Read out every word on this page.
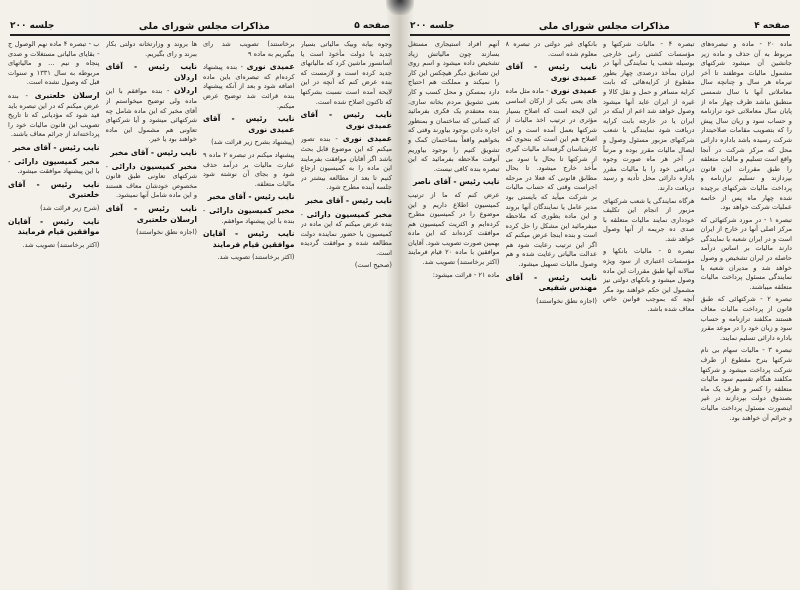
صفحه ۴
مذاکرات مجلس شورای ملی
جلسه ۲۰۰

ماده ۲۰ - ماده و تبصره‌های مربوط به آن حذف و ماده زیر جانشین آن میشود شرکتهای مشمول مالیات موظفند تا آخر تیرماه هر سال و چنانچه سال معاملاتی آنها با سال شمسی منطبق نباشد ظرف چهار ماه از پایان سال معاملاتی خود ترازنامه و حساب سود و زیان سال پیش را که بتصویب مقامات صلاحیتدار شرکت رسیده باشد باداره دارائی محل که مرکز شرکت در آنجا واقع است تسلیم و مالیات متعلقه را طبق مقررات این قانون بپردازند و تسلیم ترازنامه و پرداخت مالیات شرکتهای برچیده شده چهار ماه پس از خاتمه عملیات شرکت خواهد بود.

تبصره ۱ - در مورد شرکتهائی که مرکز اصلی آنها در خارج از ایران است و در ایران شعبه یا نمایندگی دارند مالیات بر اساس درآمد حاصله در ایران تشخیص و وصول خواهد شد و مدیران شعبه یا نمایندگی مسئول پرداخت مالیات متعلقه میباشند.

تبصره ۲ - شرکتهائی که طبق قانون از پرداخت مالیات معاف هستند مکلفند ترازنامه و حساب سود و زیان خود را در موعد مقرر باداره دارائی تسلیم نمایند.

تبصره ۳ - مالیات سهام بی نام شرکتها بنرخ مقطوع از طرف شرکت پرداخت میشود و شرکتها مکلفند هنگام تقسیم سود مالیات متعلقه را کسر و ظرف یک ماه بصندوق دولت بپردازند در غیر اینصورت مسئول پرداخت مالیات و جرائم آن خواهند بود.

تبصره ۴ - مالیات شرکتها و مؤسسات کشتی رانی خارجی بوسیله شعب یا نمایندگی آنها در ایران بمأخذ درصدی چهار بطور مقطوع از کرایه‌هائی که بابت کرایه مسافر و حمل و نقل کالا و غیره از ایران عاید آنها میشود وصول خواهد شد اعم از اینکه در ایران یا در خارجه بابت کرایه دریافت شود نمایندگی یا شعب شرکتهای مزبور مسئول وصول و ایصال مالیات مقرر بوده و مرتباً در آخر هر ماه صورت وجوه دریافتی خود را با مالیات مقرر باداره دارائی محل تأدیه و رسید دریافت دارند.

هرگاه نمایندگی یا شعب شرکتهای مزبور از انجام این تکلیف خودداری نمایند مالیات متعلقه با صدی ده جریمه از آنها وصول خواهد شد.

تبصره ۵ - مالیات بانکها و مؤسسات اعتباری از سود ویژه سالانه آنها طبق مقررات این ماده وصول میشود و بانکهای دولتی نیز مشمول این حکم خواهند بود مگر آنچه که بموجب قوانین خاص معاف شده باشد.

بانکهای غیر دولتی در تبصره ۸ معلوم شده است.

نایب رئیس - آقای عمیدی نوری

عمیدی نوری - ماده مثل ماده های یعنی یکی از ارکان اساسی این لایحه است که اصلاح بسیار مؤثری در ترتیب اخذ مالیات از شرکتها بعمل آمده است و این اصلاح هم این است که بنحوی که کارشناسان گرفته‌اند مالیات گیری از شرکتها تا بحال با سود بی مأخذ خارج میشود. تا بحال مطابق قانونی که فعلا در مرحله اجراست وقتی که حساب مالیات بر شرکت میآید که بایستی بود مدیر عامل یا نمایندگان آنها بروند و این ماده بطوری که ملاحظه میفرمائید این مشکل را حل کرده است و بنده اینجا عرض میکنم که اگر این ترتیب رعایت شود هم عدالت مالیاتی رعایت شده و هم وصول مالیات تسهیل میشود.

نایب رئیس - آقای مهندس شفیعی

(اجازه نطق نخواستند)

آنهم افراد استیجاری مستغل بسازند چون مالیاتش زیاد تشخیص داده میشود و اسم روی این تصادیق دیگر هیچکس این کار را نمیکند و مملکت هم احتیاج دارد بمسکن و محل کسب و کار بعنی تشویق مردم بخانه سازی. بنده معتقدم یک فکری بفرمائید که کسانی که ساختمان و بمنظور اجاره دادن بوجود بیاورند وقتی که بخواهیم واقعاً بساختمان کمک و تشویق کنیم را بوجود بیاوریم آنوقت ملاحظه بفرمائید که این تبصره بنده کافی نیست.

نایب رئیس - آقای ناصر

عرض کنم که ما از ترتیب کمیسیون اطلاع داریم و این موضوع را در کمیسیون مطرح کرده‌ایم و اکثریت کمیسیون هم موافقت کرده‌اند که این ماده بهمین صورت تصویب شود. آقایان موافقین با ماده ۲۰ قیام فرمایند (اکثر برخاستند) تصویب شد.

ماده ۲۱ - قرائت میشود:

صفحه ۵
مذاکرات مجلس شورای ملی
جلسه ۲۰۰

وجوه بیابه وبیک مالیاتی بسیار جدید با دولت مأخوذ است یا آسانسور ماشین کرد که مالیاتهای جدید کرده است و لازمست که بنده عرض کنم که آنچه در این لایحه آمده است نسبت بشرکتها که تاکنون اصلاح شده است.

نایب رئیس - آقای عمیدی نوری

عمیدی نوری - بنده تصور میکنم که این موضوع قابل بحث باشد اگر آقایان موافقت بفرمایند این ماده را به کمیسیون ارجاع کنیم تا بعد از مطالعه بیشتر در جلسه آینده مطرح شود.

نایب رئیس - آقای مخبر

مخبر کمیسیون دارائی - بنده عرض میکنم که این ماده در کمیسیون با حضور نماینده دولت مطالعه شده و موافقت گردیده است.

(صحیح است)

برخاستند) تصویب شد رای بیگیریم به ماده ۹

عمیدی نوری - بنده پیشنهاد کرده‌ام که تبصره‌ای باین ماده اضافه شود و بعد از آنکه پیشنهاد بنده قرائت شد توضیح عرض میکنم.

نایب رئیس - آقای عمیدی نوری

(پیشنهاد بشرح زیر قرائت شد)

پیشنهاد میکنم در تبصره ۲ ماده ۹ عبارت مالیات بر درآمد حذف شود و بجای آن نوشته شود مالیات متعلقه.

نایب رئیس - آقای مخبر

مخبر کمیسیون دارائی - بنده با این پیشنهاد موافقم.

نایب رئیس - آقایان موافقین قیام فرمایند

(اکثر برخاستند) تصویب شد.

ها بروند و وزارتخانه دولتی بکار ببرند و رای بگیریم.

نایب رئیس - آقای اردلان

اردلان - بنده موافقم با این ماده ولی توضیح میخواستم از آقای مخبر که این ماده شامل چه شرکتهائی میشود و آیا شرکتهای تعاونی هم مشمول این ماده خواهند بود یا خیر.

نایب رئیس - آقای مخبر

مخبر کمیسیون دارائی - شرکتهای تعاونی طبق قانون مخصوص خودشان معاف هستند و این ماده شامل آنها نمیشود.

نایب رئیس - آقای ارسلان خلعتبری

(اجازه نطق نخواستند)

ب - تبصره ۴ ماده نهم الوصول ج - بقایای مالیاتی مستغلات و صدی پنجاه و نیم ... و مالیاتهای مربوطه به سال ۱۳۳۱ و سنوات قبل که وصول نشده است.

ارسلان خلعتبری - بنده عرض میکنم که در این تبصره باید قید شود که مؤدیانی که تا تاریخ تصویب این قانون مالیات خود را پرداخته‌اند از جرائم معاف باشند.

نایب رئیس - آقای مخبر

مخبر کمیسیون دارائی - با این پیشنهاد موافقت میشود.

نایب رئیس - آقای خلعتبری

(شرح زیر قرائت شد)

نایب رئیس - آقایان موافقین قیام فرمایند

(اکثر برخاستند) تصویب شد.
